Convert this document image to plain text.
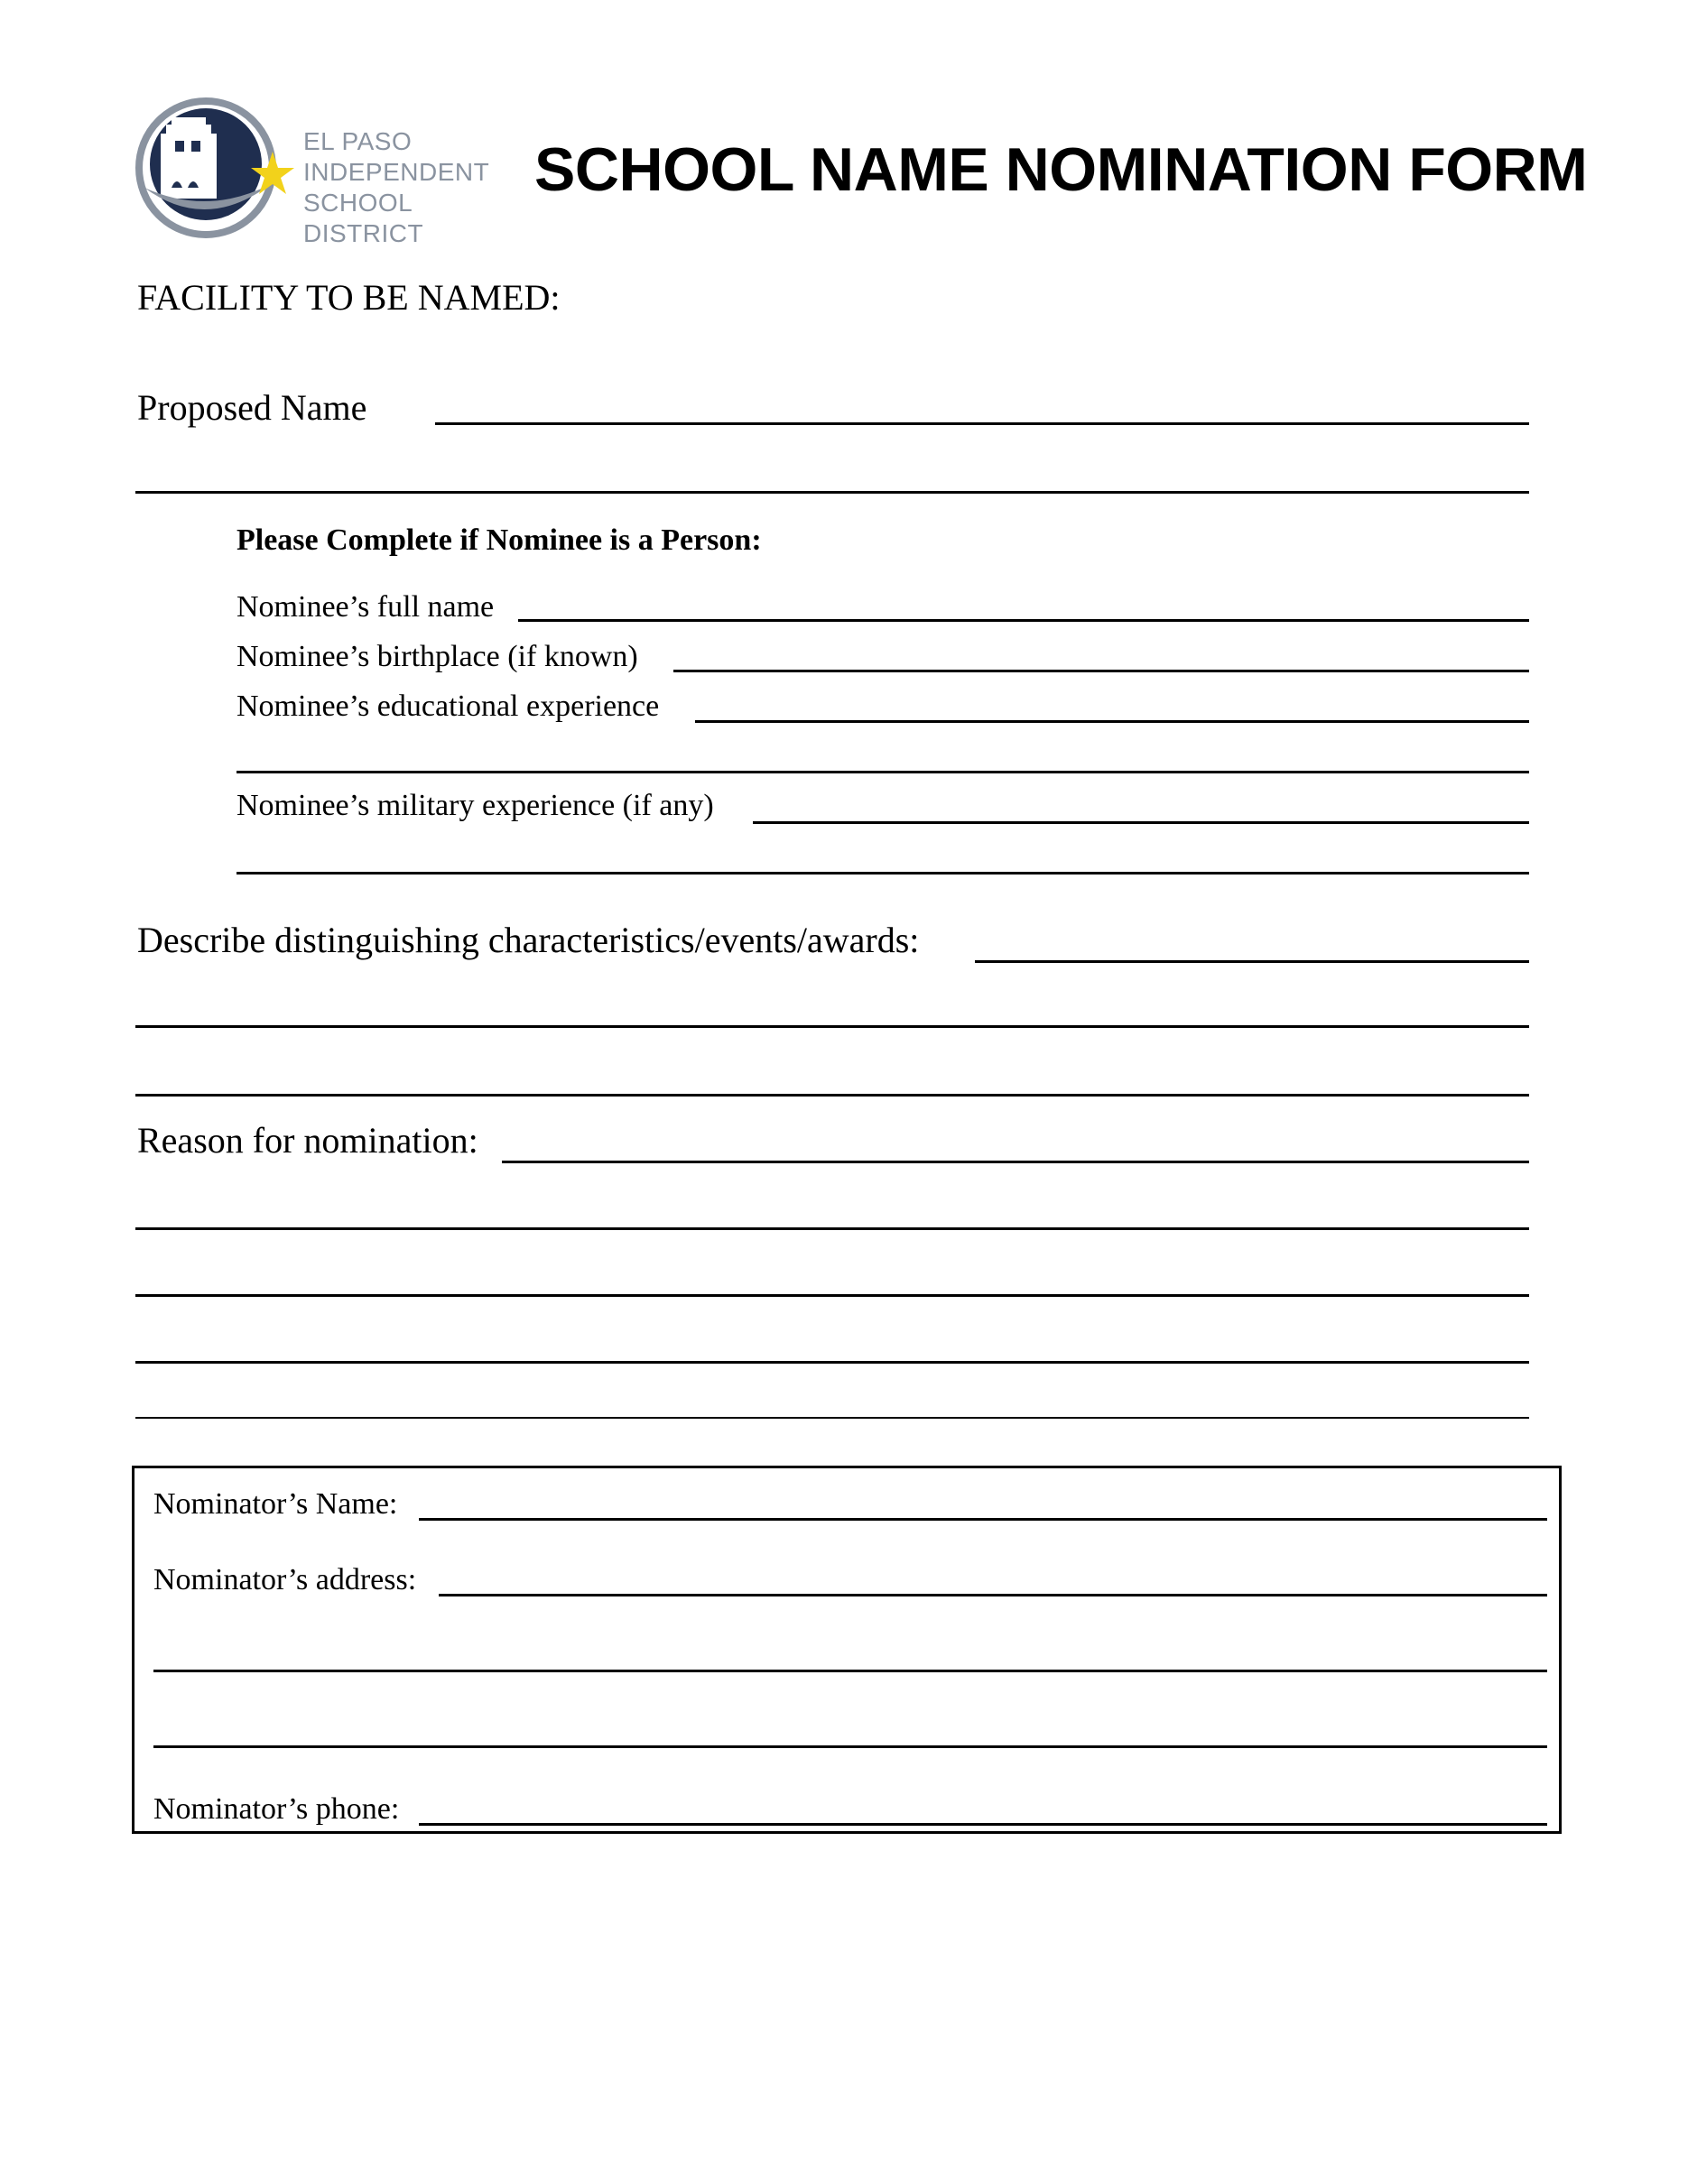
EL PASO
INDEPENDENT
SCHOOL DISTRICT
SCHOOL NAME NOMINATION FORM
FACILITY TO BE NAMED:
Proposed Name
Please Complete if Nominee is a Person:
Nominee’s full name
Nominee’s birthplace (if known)
Nominee’s educational experience
Nominee’s military experience (if any)
Describe distinguishing characteristics/events/awards:
Reason for nomination:
Nominator’s Name:
Nominator’s address:
Nominator’s phone:
